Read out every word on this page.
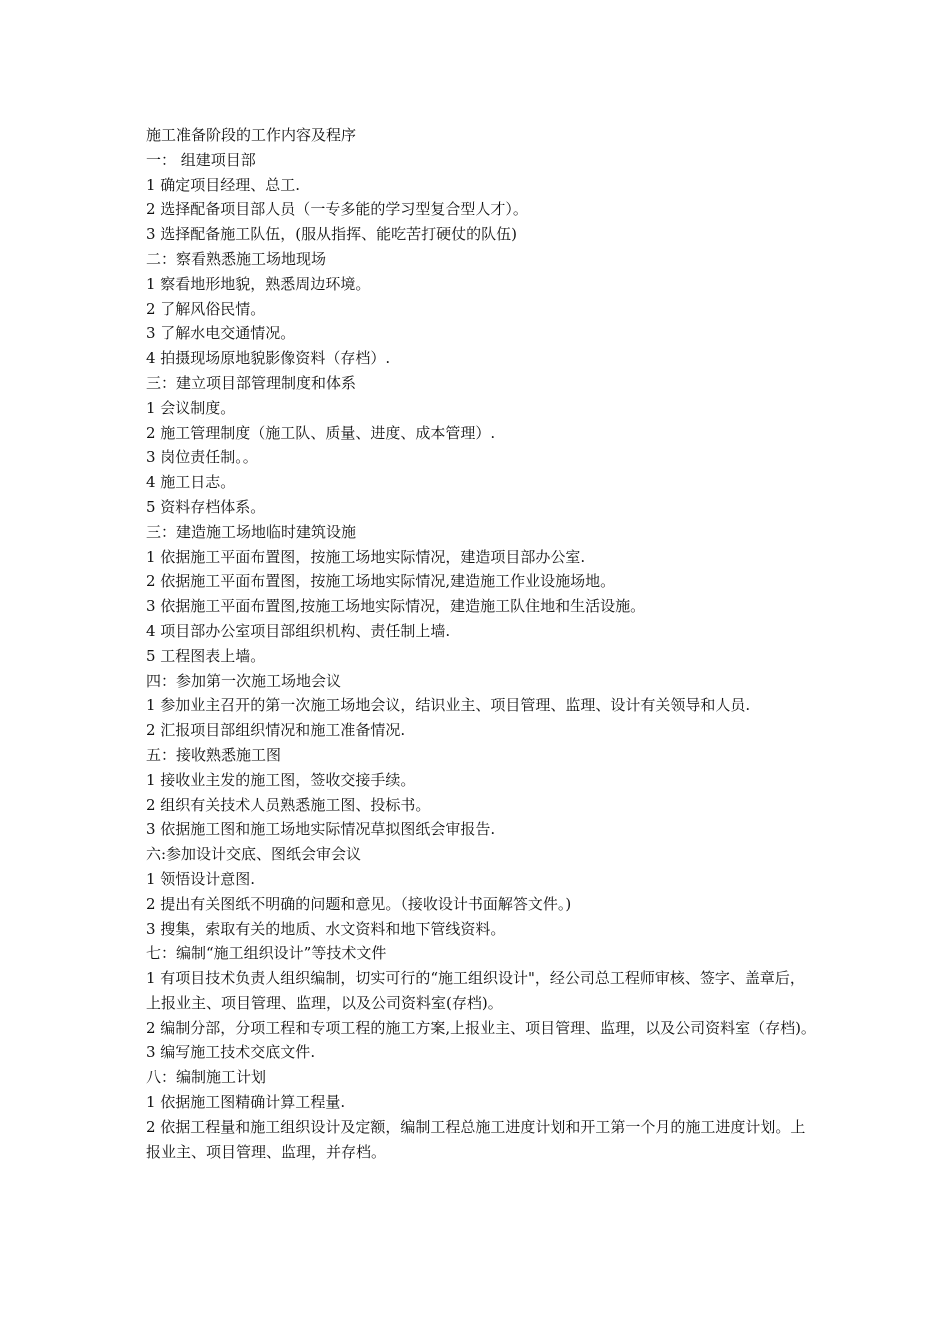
施工准备阶段的工作内容及程序
一： 组建项目部
1 确定项目经理、总工.
2 选择配备项目部人员（一专多能的学习型复合型人才）。
3 选择配备施工队伍，(服从指挥、能吃苦打硬仗的队伍)
二：察看熟悉施工场地现场
1 察看地形地貌，熟悉周边环境。
2 了解风俗民情。
3 了解水电交通情况。
4 拍摄现场原地貌影像资料（存档）.
三：建立项目部管理制度和体系
1 会议制度。
2 施工管理制度（施工队、质量、进度、成本管理）.
3 岗位责任制。。
4 施工日志。
5 资料存档体系。
三：建造施工场地临时建筑设施
1 依据施工平面布置图，按施工场地实际情况，建造项目部办公室.
2 依据施工平面布置图，按施工场地实际情况,建造施工作业设施场地。
3 依据施工平面布置图,按施工场地实际情况，建造施工队住地和生活设施。
4 项目部办公室项目部组织机构、责任制上墙.
5 工程图表上墙。
四：参加第一次施工场地会议
1 参加业主召开的第一次施工场地会议，结识业主、项目管理、监理、设计有关领导和人员.
2 汇报项目部组织情况和施工准备情况.
五：接收熟悉施工图
1 接收业主发的施工图，签收交接手续。
2 组织有关技术人员熟悉施工图、投标书。
3 依据施工图和施工场地实际情况草拟图纸会审报告.
六:参加设计交底、图纸会审会议
1 领悟设计意图.
2 提出有关图纸不明确的问题和意见。（接收设计书面解答文件。)
3 搜集，索取有关的地质、水文资料和地下管线资料。
七：编制“施工组织设计”等技术文件
1 有项目技术负责人组织编制，切实可行的“施工组织设计"，经公司总工程师审核、签字、盖章后，上报业主、项目管理、监理，以及公司资料室(存档)。
2 编制分部，分项工程和专项工程的施工方案,上报业主、项目管理、监理，以及公司资料室（存档)。
3 编写施工技术交底文件.
八：编制施工计划
1 依据施工图精确计算工程量.
2 依据工程量和施工组织设计及定额，编制工程总施工进度计划和开工第一个月的施工进度计划。上报业主、项目管理、监理，并存档。
